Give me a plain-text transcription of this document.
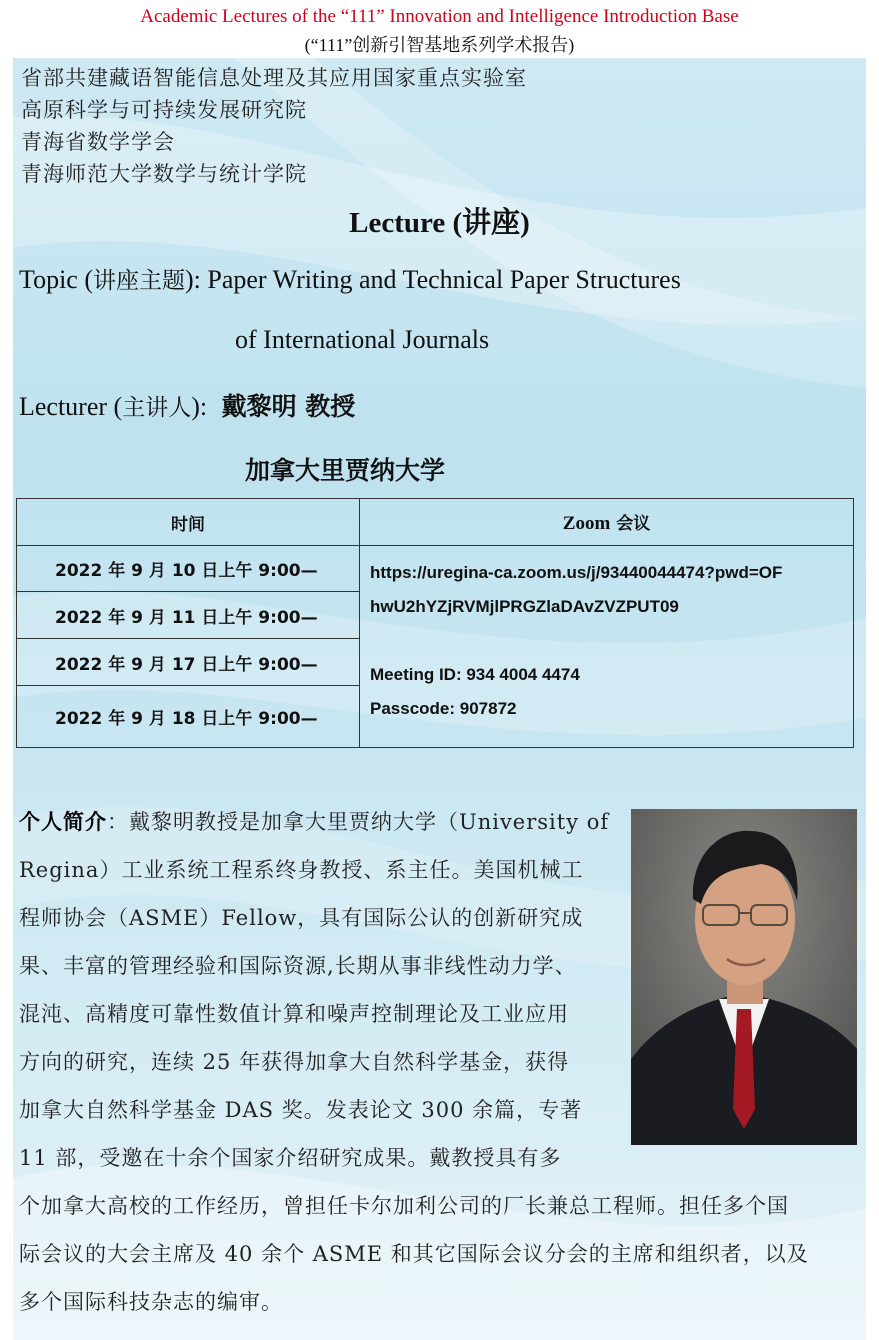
Academic Lectures of the “111” Innovation and Intelligence Introduction Base
(“111”创新引智基地系列学术报告)
省部共建藏语智能信息处理及其应用国家重点实验室
高原科学与可持续发展研究院
青海省数学学会
青海师范大学数学与统计学院
Lecture (讲座)
Topic (讲座主题): Paper Writing and Technical Paper Structures
of International Journals
Lecturer (主讲人): 戴黎明 教授
加拿大里贾纳大学
时间	Zoom 会议
2022 年 9 月 10 日上午 9:00—	https://uregina-ca.zoom.us/j/93440044474?pwd=OF
hwU2hYZjRVMjlPRGZlaDAvZVZPUT09
Meeting ID: 934 4004 4474
Passcode: 907872

2022 年 9 月 11 日上午 9:00—	
2022 年 9 月 17 日上午 9:00—	
2022 年 9 月 18 日上午 9:00—	
个人简介：戴黎明教授是加拿大里贾纳大学（University of
Regina）工业系统工程系终身教授、系主任。美国机械工
程师协会（ASME）Fellow，具有国际公认的创新研究成
果、丰富的管理经验和国际资源,长期从事非线性动力学、
混沌、高精度可靠性数值计算和噪声控制理论及工业应用
方向的研究，连续 25 年获得加拿大自然科学基金，获得
加拿大自然科学基金 DAS 奖。发表论文 300 余篇，专著
11 部，受邀在十余个国家介绍研究成果。戴教授具有多
个加拿大高校的工作经历，曾担任卡尔加利公司的厂长兼总工程师。担任多个国
际会议的大会主席及 40 余个 ASME 和其它国际会议分会的主席和组织者，以及
多个国际科技杂志的编审。
